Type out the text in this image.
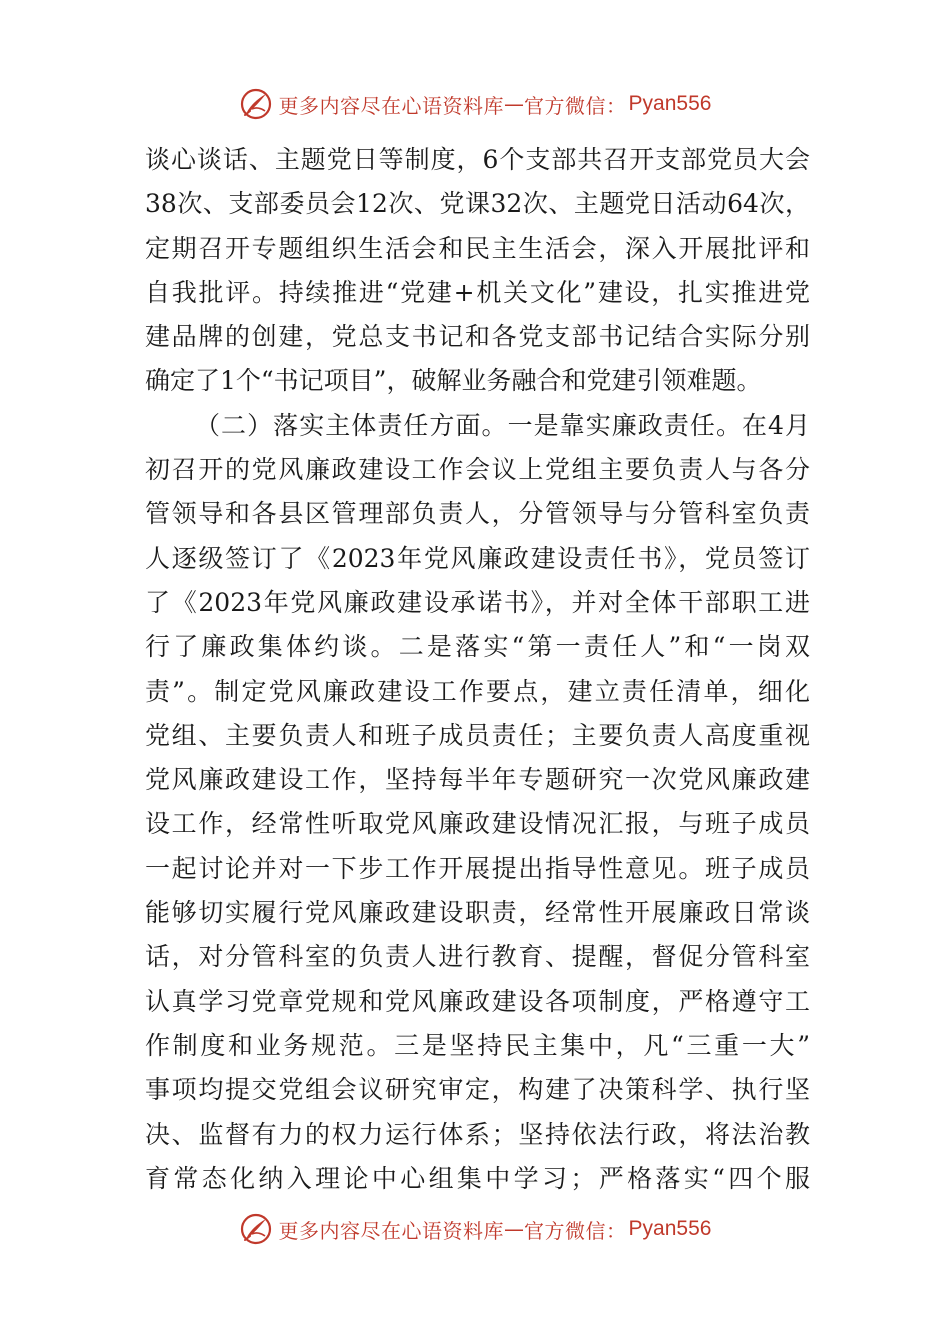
更多内容尽在心语资料库 — 官方微信： Pyan556
谈心谈话、主题党日等制度，6个支部共召开支部党员大会
38次、支部委员会12次、党课32次、主题党日活动64次，
定期召开专题组织生活会和民主生活会，深入开展批评和
自我批评。持续推进“党建+机关文化”建设，扎实推进党
建品牌的创建，党总支书记和各党支部书记结合实际分别
确定了1个“书记项目”，破解业务融合和党建引领难题。
（二）落实主体责任方面。一是靠实廉政责任。在4月
初召开的党风廉政建设工作会议上党组主要负责人与各分
管领导和各县区管理部负责人，分管领导与分管科室负责
人逐级签订了《2023年党风廉政建设责任书》，党员签订
了《2023年党风廉政建设承诺书》，并对全体干部职工进
行了廉政集体约谈。二是落实“第一责任人”和“一岗双
责”。制定党风廉政建设工作要点，建立责任清单，细化
党组、主要负责人和班子成员责任；主要负责人高度重视
党风廉政建设工作，坚持每半年专题研究一次党风廉政建
设工作，经常性听取党风廉政建设情况汇报，与班子成员
一起讨论并对一下步工作开展提出指导性意见。班子成员
能够切实履行党风廉政建设职责，经常性开展廉政日常谈
话，对分管科室的负责人进行教育、提醒，督促分管科室
认真学习党章党规和党风廉政建设各项制度，严格遵守工
作制度和业务规范。三是坚持民主集中，凡“三重一大”
事项均提交党组会议研究审定，构建了决策科学、执行坚
决、监督有力的权力运行体系；坚持依法行政，将法治教
育常态化纳入理论中心组集中学习；严格落实“四个服
更多内容尽在心语资料库 — 官方微信： Pyan556
